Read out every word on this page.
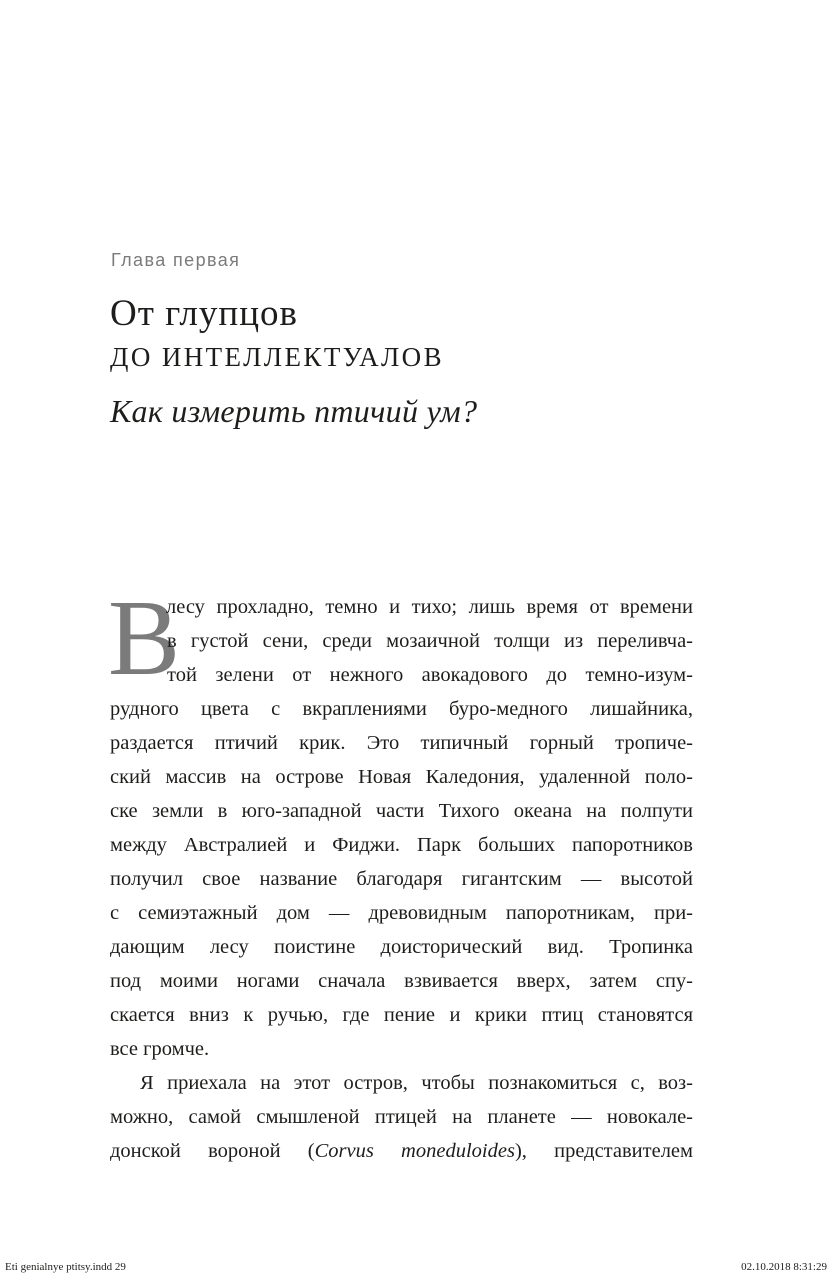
Глава первая
От глупцов
ДО ИНТЕЛЛЕКТУАЛОВ
Как измерить птичий ум?
В
лесу прохладно, темно и тихо; лишь время от времени
в густой сени, среди мозаичной толщи из переливча-
той зелени от нежного авокадового до темно-изум-
рудного цвета с вкраплениями буро-медного лишайника,
раздается птичий крик. Это типичный горный тропиче-
ский массив на острове Новая Каледония, удаленной поло-
ске земли в юго-западной части Тихого океана на полпути
между Австралией и Фиджи. Парк больших папоротников
получил свое название благодаря гигантским — высотой
с семиэтажный дом — древовидным папоротникам, при-
дающим лесу поистине доисторический вид. Тропинка
под моими ногами сначала взвивается вверх, затем спу-
скается вниз к ручью, где пение и крики птиц становятся
все громче.
Я приехала на этот остров, чтобы познакомиться с, воз-
можно, самой смышленой птицей на планете — новокале-
донской вороной (Corvus moneduloides), представителем
Eti genialnye ptitsy.indd 29	02.10.2018 8:31:29
